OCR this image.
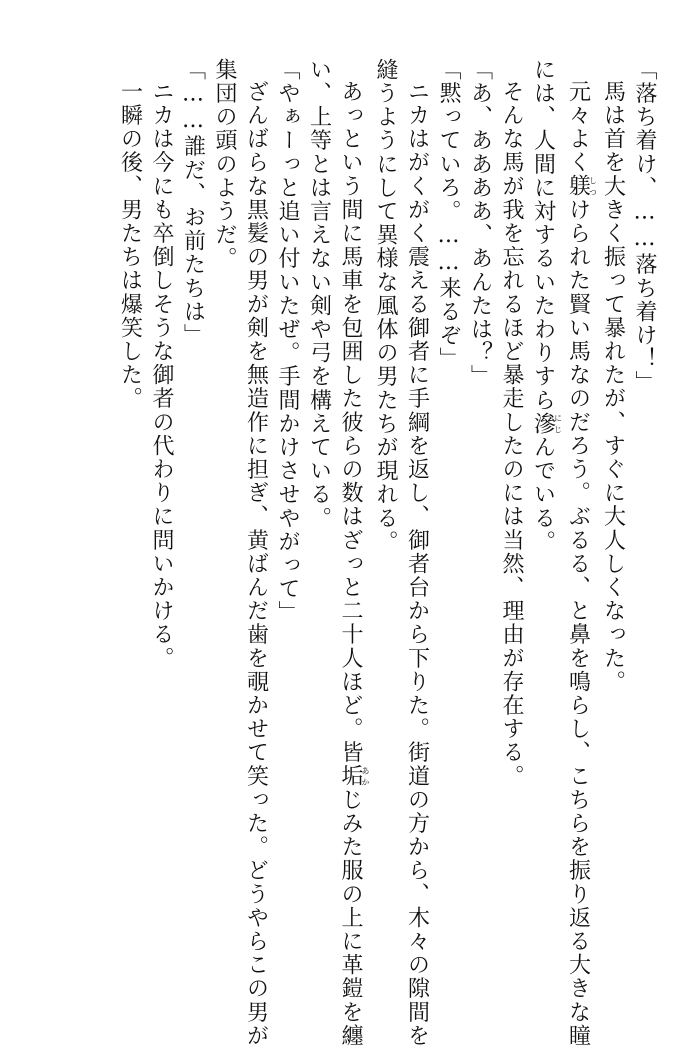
「落ち着け、……落ち着け！」

馬は首を大きく振って暴れたが、すぐに大人しくなった。

元々よく躾しつけられた賢い馬なのだろう。ぶるる、と鼻を鳴らし、こちらを振り返る大きな瞳

には、人間に対するいたわりすら滲にじんでいる。

そんな馬が我を忘れるほど暴走したのには当然、理由が存在する。

「あ、ああああ、あんたは？」

「黙っていろ。……来るぞ」

ニカはがくがく震える御者に手綱を返し、御者台から下りた。街道の方から、木々の隙間を

縫うようにして異様な風体の男たちが現れる。

あっという間に馬車を包囲した彼らの数はざっと二十人ほど。皆垢あかじみた服の上に革鎧を纏

い、上等とは言えない剣や弓を構えている。

「やぁーっと追い付いたぜ。手間かけさせやがって」

ざんばらな黒髪の男が剣を無造作に担ぎ、黄ばんだ歯を覗かせて笑った。どうやらこの男が

集団の頭のようだ。

「……誰だ、お前たちは」

ニカは今にも卒倒しそうな御者の代わりに問いかける。

一瞬の後、男たちは爆笑した。
